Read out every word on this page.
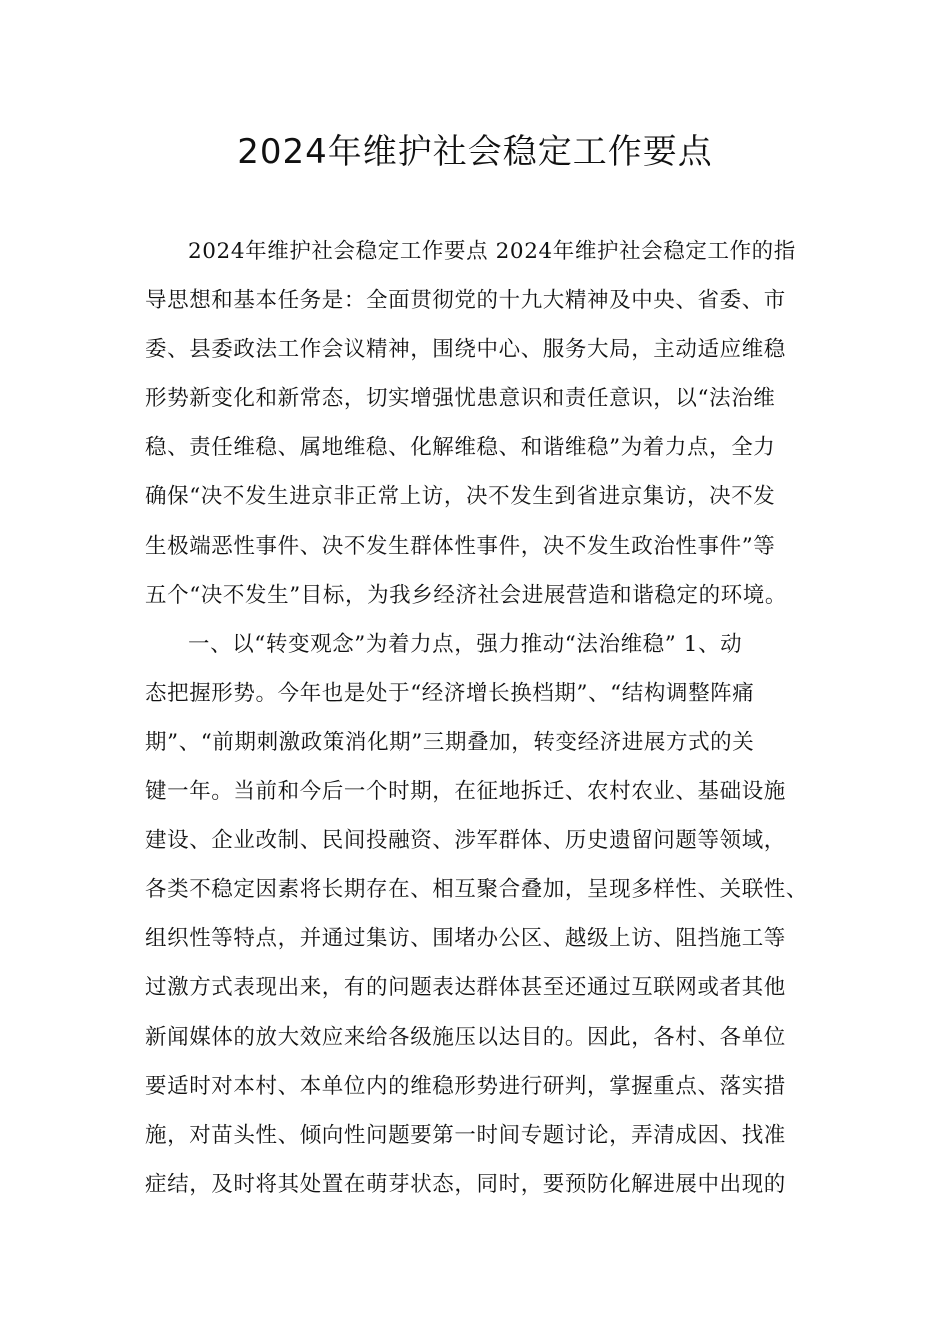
2024年维护社会稳定工作要点
2024年维护社会稳定工作要点 2024年维护社会稳定工作的指
导思想和基本任务是：全面贯彻党的十九大精神及中央、省委、市
委、县委政法工作会议精神，围绕中心、服务大局，主动适应维稳
形势新变化和新常态，切实增强忧患意识和责任意识，以“法治维
稳、责任维稳、属地维稳、化解维稳、和谐维稳”为着力点，全力
确保“决不发生进京非正常上访，决不发生到省进京集访，决不发
生极端恶性事件、决不发生群体性事件，决不发生政治性事件”等
五个“决不发生”目标，为我乡经济社会进展营造和谐稳定的环境。
一、以“转变观念”为着力点，强力推动“法治维稳” 1、动
态把握形势。今年也是处于“经济增长换档期”、“结构调整阵痛
期”、“前期刺激政策消化期”三期叠加，转变经济进展方式的关
键一年。当前和今后一个时期，在征地拆迁、农村农业、基础设施
建设、企业改制、民间投融资、涉军群体、历史遗留问题等领域，
各类不稳定因素将长期存在、相互聚合叠加，呈现多样性、关联性、
组织性等特点，并通过集访、围堵办公区、越级上访、阻挡施工等
过激方式表现出来，有的问题表达群体甚至还通过互联网或者其他
新闻媒体的放大效应来给各级施压以达目的。因此，各村、各单位
要适时对本村、本单位内的维稳形势进行研判，掌握重点、落实措
施，对苗头性、倾向性问题要第一时间专题讨论，弄清成因、找准
症结，及时将其处置在萌芽状态，同时，要预防化解进展中出现的
